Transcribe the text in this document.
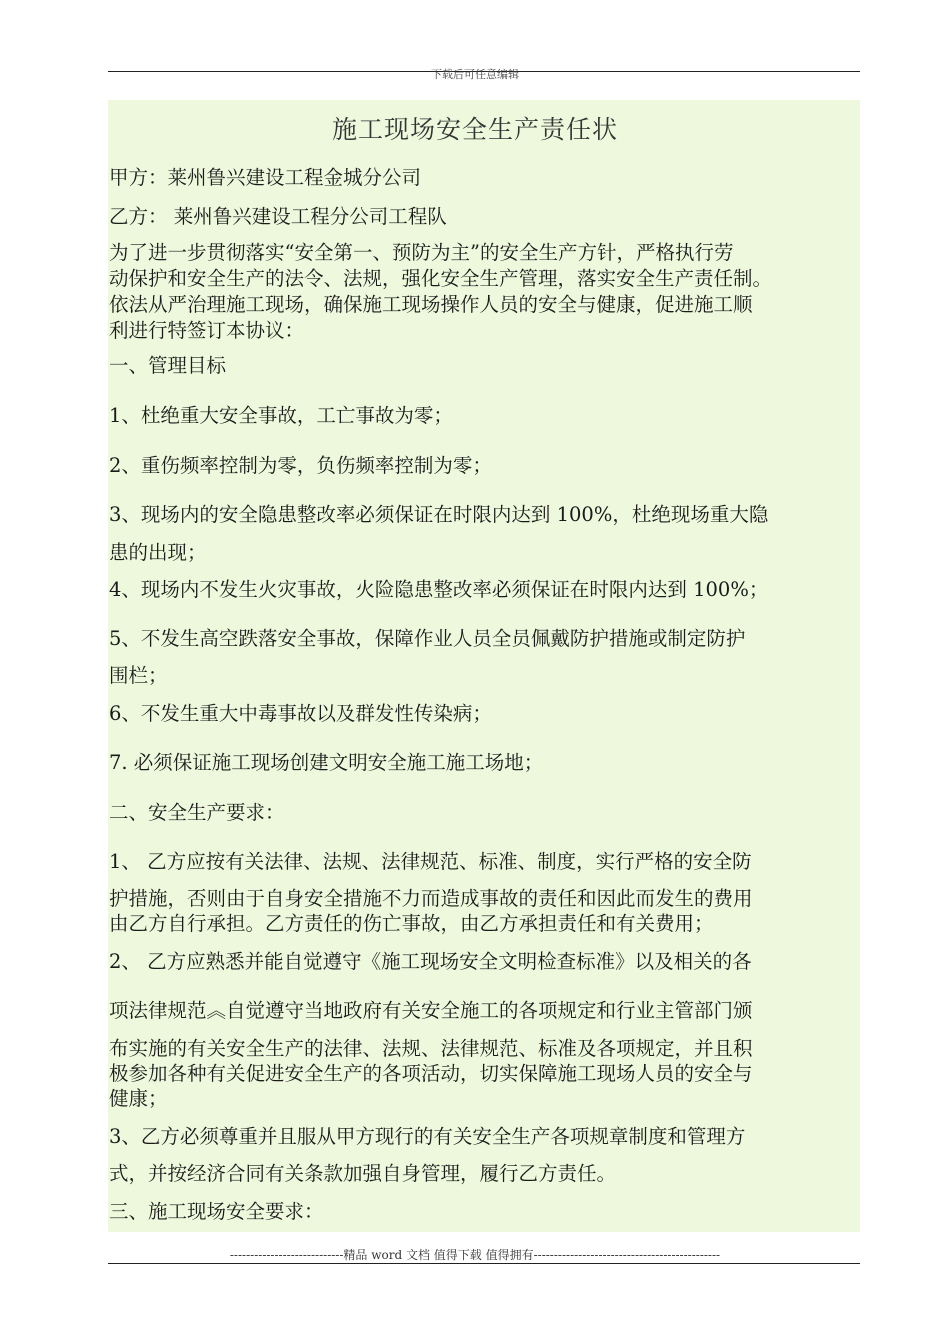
下载后可任意编辑
施工现场安全生产责任状
甲方：莱州鲁兴建设工程金城分公司
乙方： 莱州鲁兴建设工程分公司工程队
为了进一步贯彻落实“安全第一、预防为主”的安全生产方针，严格执行劳
动保护和安全生产的法令、法规，强化安全生产管理，落实安全生产责任制。
依法从严治理施工现场，确保施工现场操作人员的安全与健康，促进施工顺
利进行特签订本协议：
一、管理目标
1、杜绝重大安全事故，工亡事故为零；
2、重伤频率控制为零，负伤频率控制为零；
3、现场内的安全隐患整改率必须保证在时限内达到 100%，杜绝现场重大隐
患的出现；
4、现场内不发生火灾事故，火险隐患整改率必须保证在时限内达到 100%；
5、不发生高空跌落安全事故，保障作业人员全员佩戴防护措施或制定防护
围栏；
6、不发生重大中毒事故以及群发性传染病；
7. 必须保证施工现场创建文明安全施工施工场地；
二、安全生产要求：
1、 乙方应按有关法律、法规、法律规范、标准、制度，实行严格的安全防
护措施，否则由于自身安全措施不力而造成事故的责任和因此而发生的费用
由乙方自行承担。乙方责任的伤亡事故，由乙方承担责任和有关费用；
2、 乙方应熟悉并能自觉遵守《施工现场安全文明检查标准》以及相关的各
项法律规范︽自觉遵守当地政府有关安全施工的各项规定和行业主管部门颁
布实施的有关安全生产的法律、法规、法律规范、标准及各项规定，并且积
极参加各种有关促进安全生产的各项活动，切实保障施工现场人员的安全与
健康；
3、乙方必须尊重并且服从甲方现行的有关安全生产各项规章制度和管理方
式，并按经济合同有关条款加强自身管理，履行乙方责任。
三、施工现场安全要求：
----------------------------精品 word 文档 值得下载 值得拥有----------------------------------------------
